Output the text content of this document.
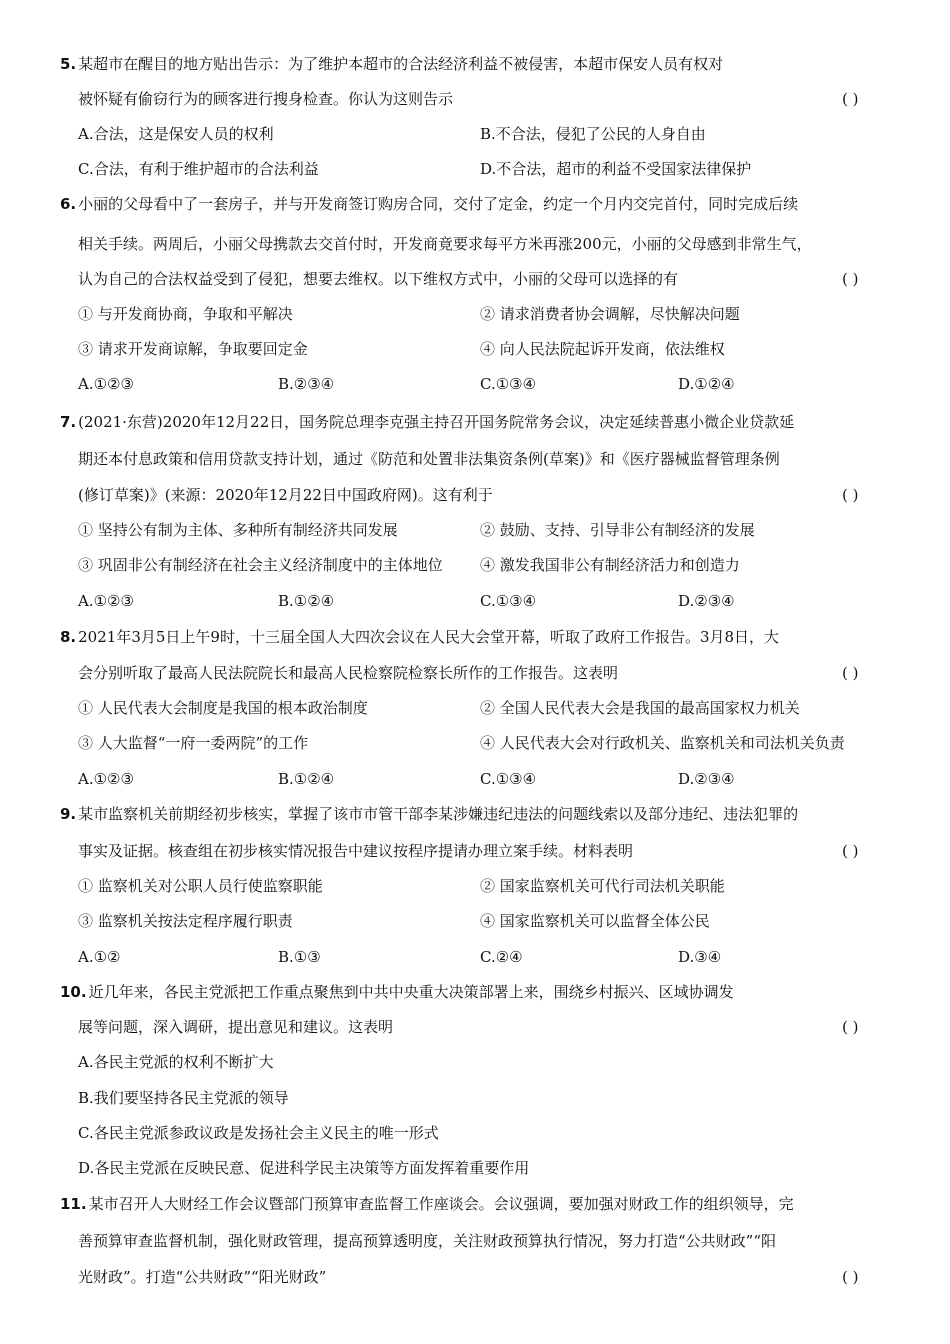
5. 某超市在醒目的地方贴出告示：为了维护本超市的合法经济利益不被侵害，本超市保安人员有权对
被怀疑有偷窃行为的顾客进行搜身检查。你认为这则告示	( )
A.合法，这是保安人员的权利	B.不合法，侵犯了公民的人身自由
C.合法，有利于维护超市的合法利益	D.不合法，超市的利益不受国家法律保护
6. 小丽的父母看中了一套房子，并与开发商签订购房合同，交付了定金，约定一个月内交完首付，同时完成后续
相关手续。两周后，小丽父母携款去交首付时，开发商竟要求每平方米再涨200元，小丽的父母感到非常生气，
认为自己的合法权益受到了侵犯，想要去维权。以下维权方式中，小丽的父母可以选择的有	( )
① 与开发商协商，争取和平解决	② 请求消费者协会调解，尽快解决问题
③ 请求开发商谅解，争取要回定金	④ 向人民法院起诉开发商，依法维权
A.①②③	B.②③④	C.①③④	D.①②④
7. (2021·东营)2020年12月22日，国务院总理李克强主持召开国务院常务会议，决定延续普惠小微企业贷款延
期还本付息政策和信用贷款支持计划，通过《防范和处置非法集资条例(草案)》和《医疗器械监督管理条例
(修订草案)》(来源：2020年12月22日中国政府网)。这有利于	( )
① 坚持公有制为主体、多种所有制经济共同发展	② 鼓励、支持、引导非公有制经济的发展
③ 巩固非公有制经济在社会主义经济制度中的主体地位 ④ 激发我国非公有制经济活力和创造力
A.①②③	B.①②④	C.①③④	D.②③④
8. 2021年3月5日上午9时，十三届全国人大四次会议在人民大会堂开幕，听取了政府工作报告。3月8日，大
会分别听取了最高人民法院院长和最高人民检察院检察长所作的工作报告。这表明	( )
① 人民代表大会制度是我国的根本政治制度	② 全国人民代表大会是我国的最高国家权力机关
③ 人大监督“一府一委两院”的工作	④ 人民代表大会对行政机关、监察机关和司法机关负责
A.①②③	B.①②④	C.①③④	D.②③④
9. 某市监察机关前期经初步核实，掌握了该市市管干部李某涉嫌违纪违法的问题线索以及部分违纪、违法犯罪的
事实及证据。核查组在初步核实情况报告中建议按程序提请办理立案手续。材料表明	( )
① 监察机关对公职人员行使监察职能	② 国家监察机关可代行司法机关职能
③ 监察机关按法定程序履行职责	④ 国家监察机关可以监督全体公民
A.①②	B.①③	C.②④	D.③④
10. 近几年来，各民主党派把工作重点聚焦到中共中央重大决策部署上来，围绕乡村振兴、区域协调发
展等问题，深入调研，提出意见和建议。这表明	( )
A.各民主党派的权利不断扩大
B.我们要坚持各民主党派的领导
C.各民主党派参政议政是发扬社会主义民主的唯一形式
D.各民主党派在反映民意、促进科学民主决策等方面发挥着重要作用
11. 某市召开人大财经工作会议暨部门预算审查监督工作座谈会。会议强调，要加强对财政工作的组织领导，完
善预算审查监督机制，强化财政管理，提高预算透明度，关注财政预算执行情况，努力打造“公共财政”“阳
光财政”。打造“公共财政”“阳光财政”	( )
